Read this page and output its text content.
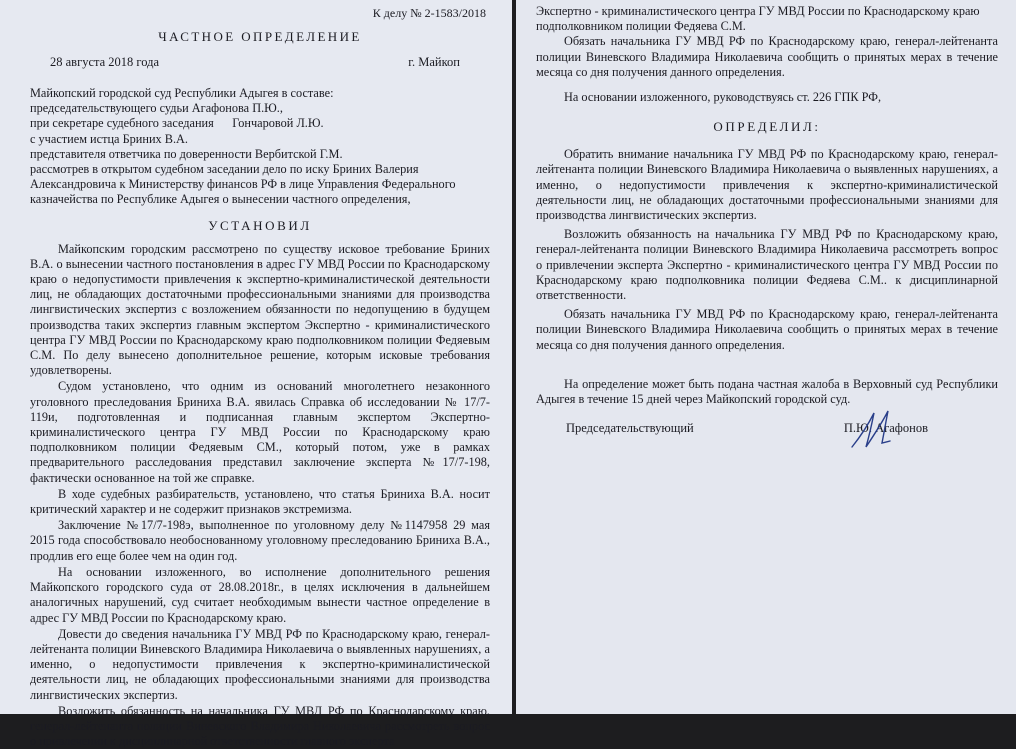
К делу № 2-1583/2018
ЧАСТНОЕ ОПРЕДЕЛЕНИЕ
28 августа 2018 года	г. Майкоп
Майкопский городской суд Республики Адыгея в составе:
председательствующего судьи Агафонова П.Ю.,
при секретаре судебного заседания      Гончаровой Л.Ю.
с участием истца Бриних В.А.
представителя ответчика по доверенности Вербитской Г.М.
рассмотрев в открытом судебном заседании дело по иску Бриних Валерия
Александровича к Министерству финансов РФ в лице Управления Федерального
казначейства по Республике Адыгея о вынесении частного определения,
УСТАНОВИЛ

Майкопским городским рассмотрено по существу исковое требование Бриних В.А. о вынесении частного постановления в адрес ГУ МВД России по Краснодарскому краю о недопустимости привлечения к экспертно-криминалистической деятельности лиц, не обладающих достаточными профессиональными знаниями для производства лингвистических экспертиз с возложением обязанности по недопущению в будущем производства таких экспертиз главным экспертом Экспертно - криминалистического центра ГУ МВД России по Краснодарскому краю подполковником полиции Федяевым С.М. По делу вынесено дополнительное решение, которым исковые требования удовлетворены.

Судом установлено, что одним из оснований многолетнего незаконного уголовного преследования Бриниха В.А. явилась Справка об исследовании № 17/7-119и, подготовленная и подписанная главным экспертом Экспертно-криминалистического центра ГУ МВД России по Краснодарскому краю подполковником полиции Федяевым СМ., который потом, уже в рамках предварительного расследования представил заключение эксперта №17/7-198, фактически основанное на той же справке.

В ходе судебных разбирательств, установлено, что статья Бриниха В.А. носит критический характер и не содержит признаков экстремизма.

Заключение №17/7-198э, выполненное по уголовному делу №1147958 29 мая 2015 года способствовало необоснованному уголовному преследованию Бриниха В.А., продлив его еще более чем на один год.

На основании изложенного, во исполнение дополнительного решения Майкопского городского суда от 28.08.2018г., в целях исключения в дальнейшем аналогичных нарушений, суд считает необходимым вынести частное определение в адрес ГУ МВД России по Краснодарскому краю.

Довести до сведения начальника ГУ МВД РФ по Краснодарскому краю, генерал-лейтенанта полиции Виневского Владимира Николаевича о выявленных нарушениях, а именно, о недопустимости привлечения к экспертно-криминалистической деятельности лиц, не обладающих профессиональными знаниями для производства лингвистических экспертиз.

Возложить обязанность на начальника ГУ МВД РФ по Краснодарскому краю, генерал-лейтенанта полиции Виневского Владимира Николаевича рассмотреть вопрос о привлечении к дисциплинарной ответственности главного эксперта

Экспертно - криминалистического центра ГУ МВД России по Краснодарскому краю
подполковником полиции Федяева С.М.

Обязать начальника ГУ МВД РФ по Краснодарскому краю, генерал-лейтенанта полиции Виневского Владимира Николаевича сообщить о принятых мерах в течение месяца со дня получения данного определения.

На основании изложенного, руководствуясь ст. 226 ГПК РФ,

ОПРЕДЕЛИЛ:

Обратить внимание начальника ГУ МВД РФ по Краснодарскому краю, генерал-лейтенанта полиции Виневского Владимира Николаевича о выявленных нарушениях, а именно, о недопустимости привлечения к экспертно-криминалистической деятельности лиц, не обладающих достаточными профессиональными знаниями для производства лингвистических экспертиз.

Возложить обязанность на начальника ГУ МВД РФ по Краснодарскому краю, генерал-лейтенанта полиции Виневского Владимира Николаевича рассмотреть вопрос о привлечении эксперта Экспертно - криминалистического центра ГУ МВД России по Краснодарскому краю подполковника полиции Федяева С.М.. к дисциплинарной ответственности.

Обязать начальника ГУ МВД РФ по Краснодарскому краю, генерал-лейтенанта полиции Виневского Владимира Николаевича сообщить о принятых мерах в течение месяца со дня получения данного определения.

На определение может быть подана частная жалоба в Верховный суд Республики Адыгея в течение 15 дней через Майкопский городской суд.

Председательствующий	П.Ю. Агафонов
